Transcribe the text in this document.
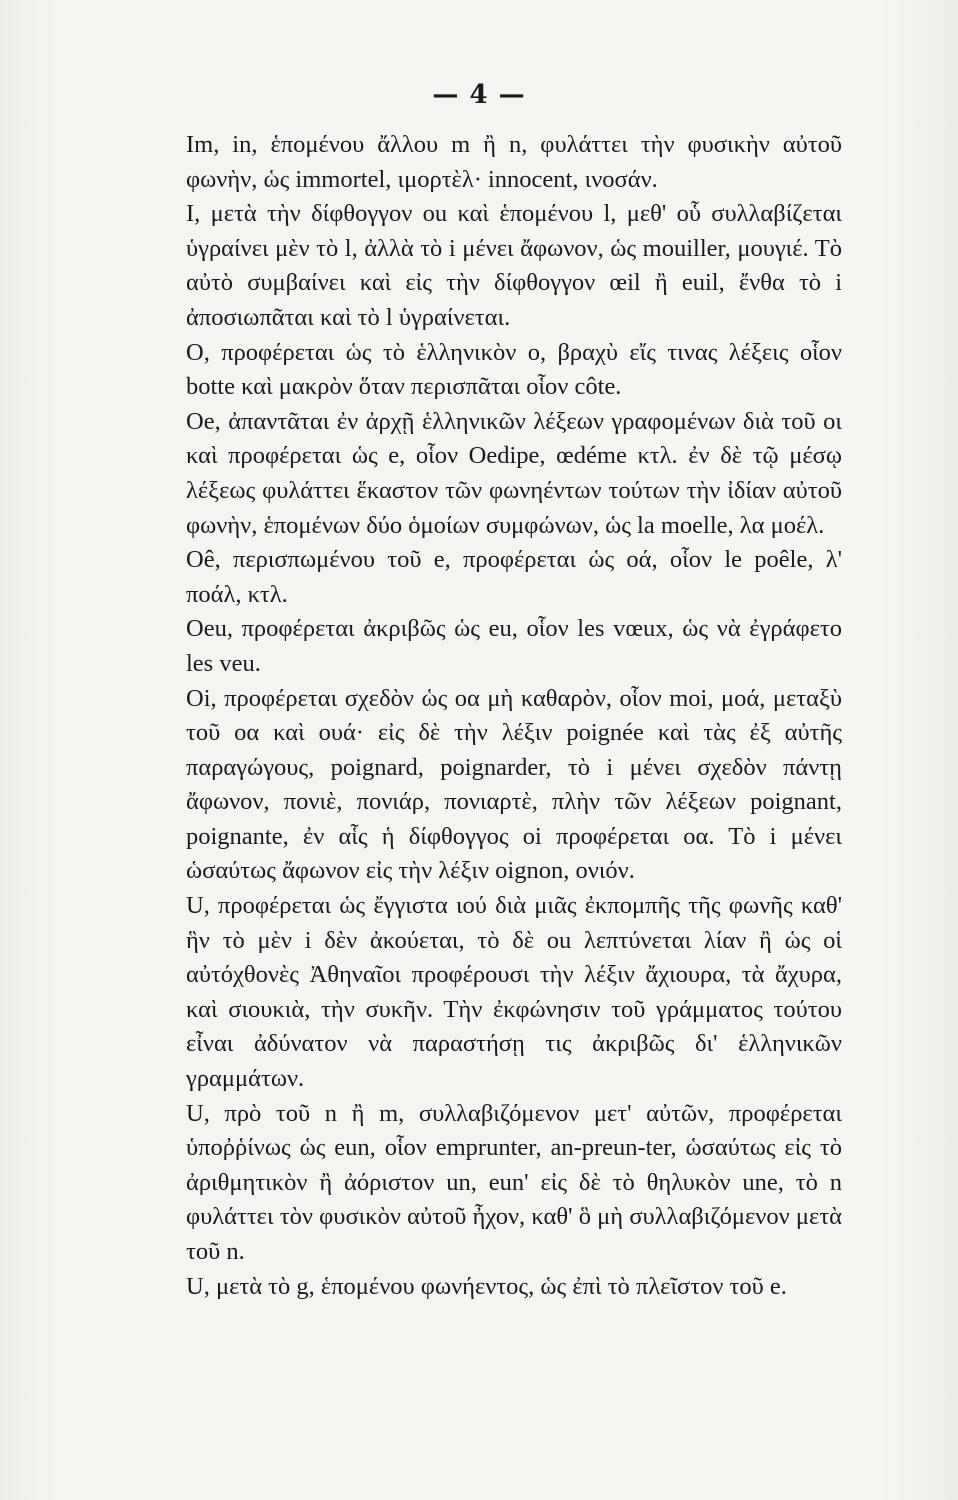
— 4 —

Im, in, ἑπομένου ἄλλου m ἢ n, φυλάττει τὴν φυσικὴν αὐτοῦ φωνὴν, ὡς immortel, ιμορτὲλ· innocent, ινοσάν.

Ι, μετὰ τὴν δίφθογγον ou καὶ ἑπομένου l, μεθ' οὗ συλλαβίζεται ὑγραίνει μὲν τὸ l, ἀλλὰ τὸ i μένει ἄφωνον, ὡς mouiller, μουγιέ. Τὸ αὐτὸ συμβαίνει καὶ εἰς τὴν δίφθογγον œil ἢ euil, ἔνθα τὸ i ἀποσιωπᾶται καὶ τὸ l ὑγραίνεται.

Ο, προφέρεται ὡς τὸ ἑλληνικὸν ο, βραχὺ εἴς τινας λέξεις οἷον botte καὶ μακρὸν ὅταν περισπᾶται οἷον côte.

Oe, ἀπαντᾶται ἐν ἀρχῇ ἑλληνικῶν λέξεων γραφομένων διὰ τοῦ οι καὶ προφέρεται ὡς e, οἷον Oedipe, œdéme κτλ. ἐν δὲ τῷ μέσῳ λέξεως φυλάττει ἕκαστον τῶν φωνηέντων τούτων τὴν ἰδίαν αὐτοῦ φωνὴν, ἑπομένων δύο ὁμοίων συμφώνων, ὡς la moelle, λα μοέλ.

Oê, περισπωμένου τοῦ e, προφέρεται ὡς οά, οἷον le poêle, λ' ποάλ, κτλ.

Oeu, προφέρεται ἀκριβῶς ὡς eu, οἷον les vœux, ὡς νὰ ἐγράφετο les veu.

Oi, προφέρεται σχεδὸν ὡς οα μὴ καθαρὸν, οἷον moi, μοά, μεταξὺ τοῦ οα καὶ ουά· εἰς δὲ τὴν λέξιν poignée καὶ τὰς ἐξ αὐτῆς παραγώγους, poignard, poignarder, τὸ i μένει σχεδὸν πάντῃ ἄφωνον, πονιὲ, πονιάρ, πονιαρτὲ, πλὴν τῶν λέξεων poignant, poignante, ἐν αἷς ἡ δίφθογγος oi προφέρεται οα. Τὸ i μένει ὡσαύτως ἄφωνον εἰς τὴν λέξιν oignon, ονιόν.

U, προφέρεται ὡς ἔγγιστα ιού διὰ μιᾶς ἐκπομπῆς τῆς φωνῆς καθ' ἣν τὸ μὲν i δὲν ἀκούεται, τὸ δὲ ou λεπτύνεται λίαν ἢ ὡς οἱ αὐτόχθονὲς Ἀθηναῖοι προφέρουσι τὴν λέξιν ἄχιουρα, τὰ ἄχυρα, καὶ σιουκιὰ, τὴν συκῆν. Τὴν ἐκφώνησιν τοῦ γράμματος τούτου εἶναι ἀδύνατον νὰ παραστήσῃ τις ἀκριβῶς δι' ἑλληνικῶν γραμμάτων.

U, πρὸ τοῦ n ἢ m, συλλαβιζόμενον μετ' αὐτῶν, προφέρεται ὑποῤῥίνως ὡς eun, οἷον emprunter, an-preun-ter, ὡσαύτως εἰς τὸ ἀριθμητικὸν ἢ ἀόριστον un, eun' εἰς δὲ τὸ θηλυκὸν une, τὸ n φυλάττει τὸν φυσικὸν αὐτοῦ ἦχον, καθ' ὃ μὴ συλλαβιζόμενον μετὰ τοῦ n.

U, μετὰ τὸ g, ἑπομένου φωνήεντος, ὡς ἐπὶ τὸ πλεῖστον τοῦ e.
